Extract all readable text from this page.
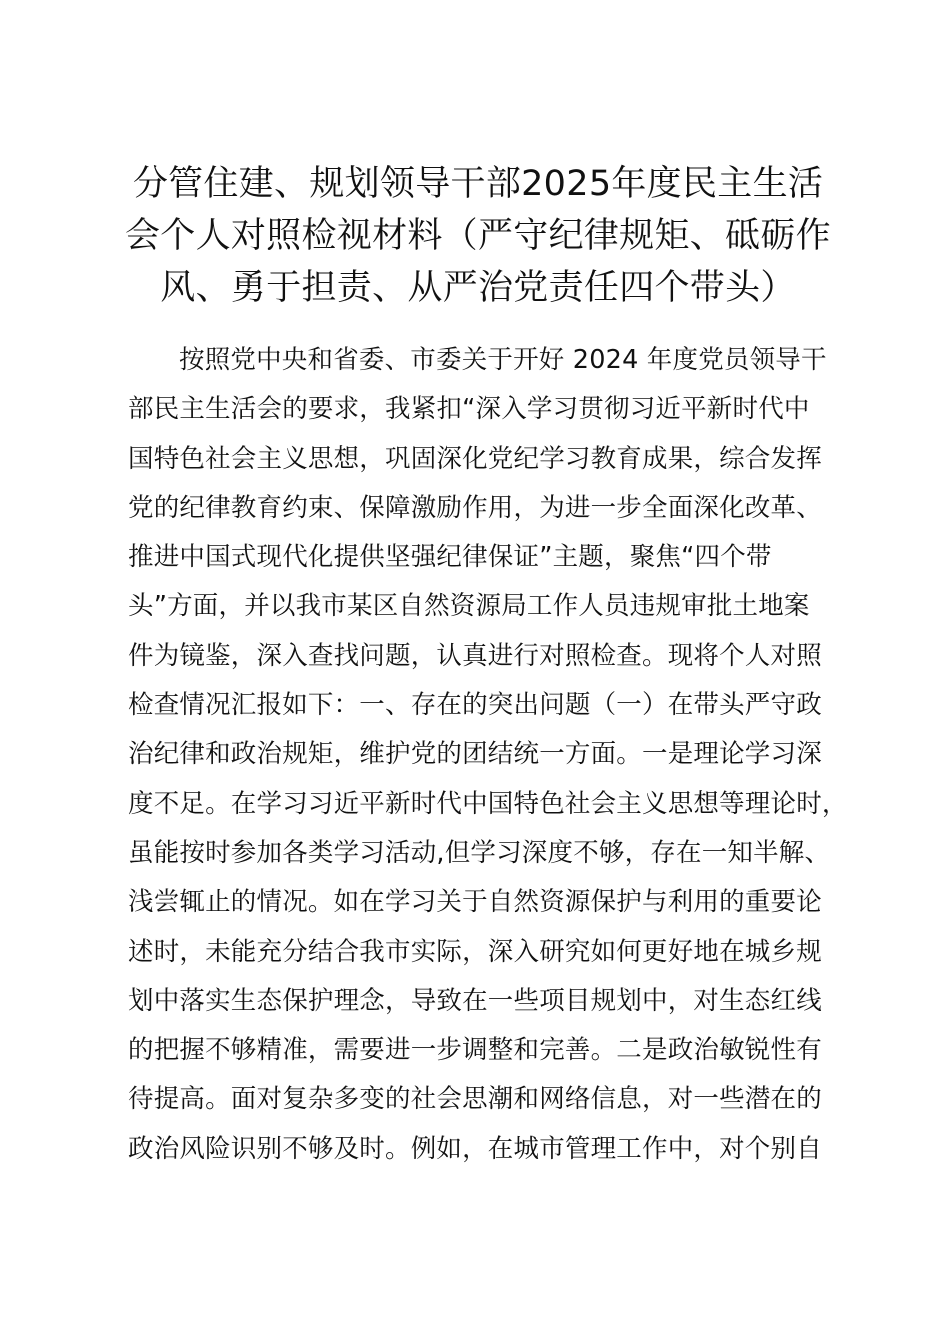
分管住建、规划领导干部2025年度民主生活
会个人对照检视材料（严守纪律规矩、砥砺作
风、勇于担责、从严治党责任四个带头）
按照党中央和省委、市委关于开好 2024 年度党员领导干
部民主生活会的要求，我紧扣“深入学习贯彻习近平新时代中
国特色社会主义思想，巩固深化党纪学习教育成果，综合发挥
党的纪律教育约束、保障激励作用，为进一步全面深化改革、
推进中国式现代化提供坚强纪律保证”主题，聚焦“四个带
头”方面，并以我市某区自然资源局工作人员违规审批土地案
件为镜鉴，深入查找问题，认真进行对照检查。现将个人对照
检查情况汇报如下：一、存在的突出问题（一）在带头严守政
治纪律和政治规矩，维护党的团结统一方面。一是理论学习深
度不足。在学习习近平新时代中国特色社会主义思想等理论时，
虽能按时参加各类学习活动,但学习深度不够，存在一知半解、
浅尝辄止的情况。如在学习关于自然资源保护与利用的重要论
述时，未能充分结合我市实际，深入研究如何更好地在城乡规
划中落实生态保护理念，导致在一些项目规划中，对生态红线
的把握不够精准，需要进一步调整和完善。二是政治敏锐性有
待提高。面对复杂多变的社会思潮和网络信息，对一些潜在的
政治风险识别不够及时。例如，在城市管理工作中，对个别自
